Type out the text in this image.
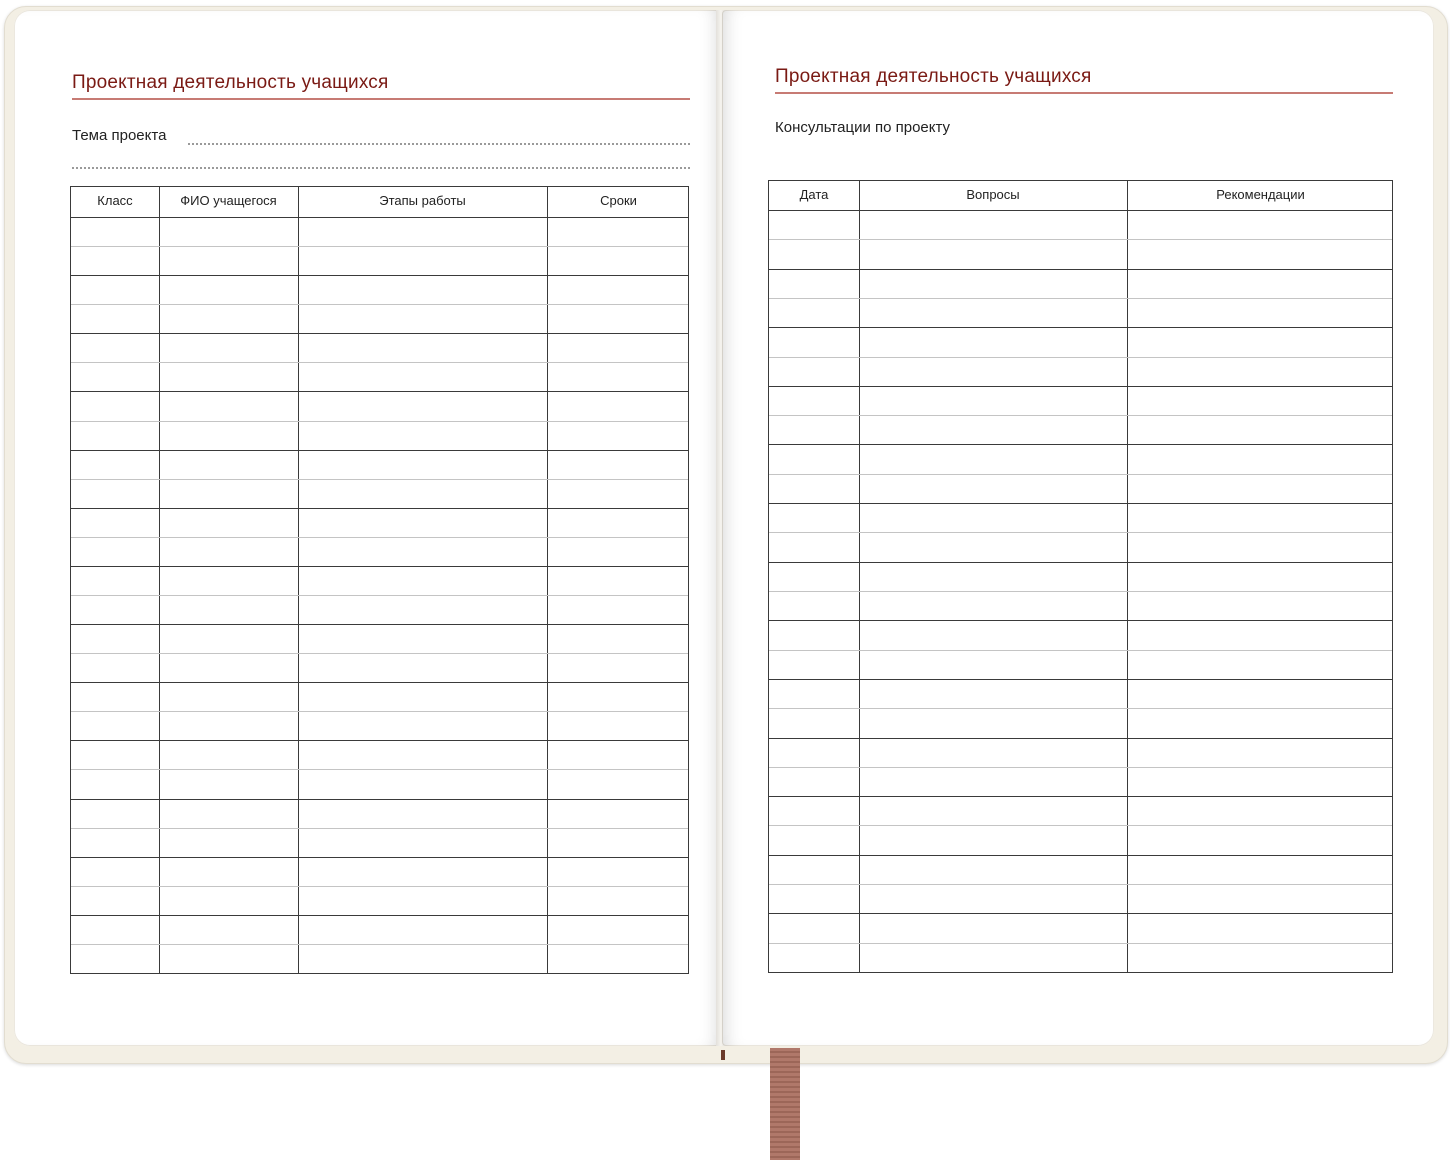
Проектная деятельность учащихся
Тема проекта
Класс	ФИО учащегося	Этапы работы	Сроки
Проектная деятельность учащихся
Консультации по проекту
Дата	Вопросы	Рекомендации
